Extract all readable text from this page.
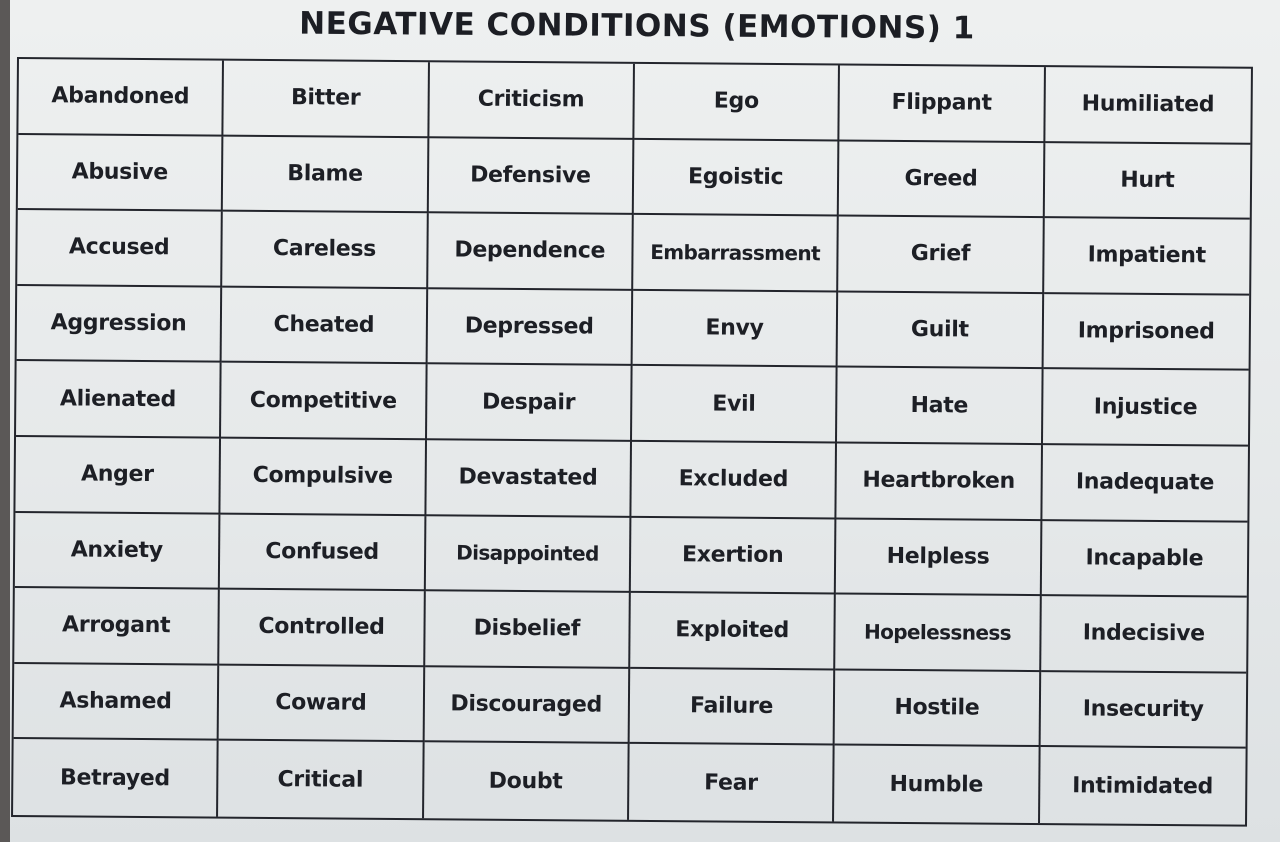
NEGATIVE CONDITIONS (EMOTIONS) 1
Abandoned	Bitter	Criticism	Ego	Flippant	Humiliated
Abusive	Blame	Defensive	Egoistic	Greed	Hurt
Accused	Careless	Dependence	Embarrassment	Grief	Impatient
Aggression	Cheated	Depressed	Envy	Guilt	Imprisoned
Alienated	Competitive	Despair	Evil	Hate	Injustice
Anger	Compulsive	Devastated	Excluded	Heartbroken	Inadequate
Anxiety	Confused	Disappointed	Exertion	Helpless	Incapable
Arrogant	Controlled	Disbelief	Exploited	Hopelessness	Indecisive
Ashamed	Coward	Discouraged	Failure	Hostile	Insecurity
Betrayed	Critical	Doubt	Fear	Humble	Intimidated
